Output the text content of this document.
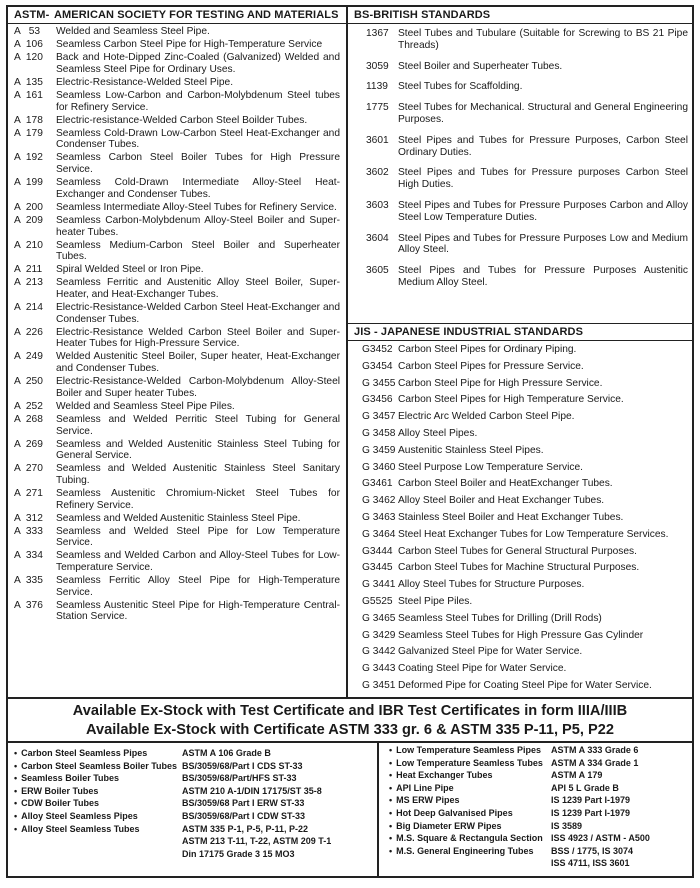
ASTM- AMERICAN SOCIETY FOR TESTING AND MATERIALS
A   53	Welded and Seamless Steel Pipe.
A  106	Seamless Carbon Steel Pipe for High-Temperature Service
A  120	Back and Hote-Dipped Zinc-Coaled (Galvanized) Welded and Seamless Steel Pipe for Ordinary Uses.
A  135	Electric-Resistance-Welded Steel Pipe.
A  161	Seamless Low-Carbon and Carbon-Molybdenum Steel tubes for Refinery Service.
A  178	Electric-resistance-Welded Carbon Steel Boilder Tubes.
A  179	Seamless Cold-Drawn Low-Carbon Steel Heat-Exchanger and Condenser Tubes.
A  192	Seamless Carbon Steel Boiler Tubes for High Pressure Service.
A  199	Seamless Cold-Drawn Intermediate Alloy-Steel Heat-Exchanger and Condenser Tubes.
A  200	Seamless Intermediate Alloy-Steel Tubes for Refinery Service.
A  209	Seamless Carbon-Molybdenum Alloy-Steel Boiler and Super-heater Tubes.
A  210	Seamless Medium-Carbon Steel Boiler and Superheater Tubes.
A  211	Spiral Welded Steel or Iron Pipe.
A  213	Seamless Ferritic and Austenitic Alloy Steel Boiler, Super-Heater, and Heat-Exchanger Tubes.
A  214	Electric-Resistance-Welded Carbon Steel Heat-Exchanger and Condenser Tubes.
A  226	Electric-Resistance Welded Carbon Steel Boiler and Super-Heater Tubes for High-Pressure Service.
A  249	Welded Austenitic Steel Boiler, Super heater, Heat-Exchanger and Condenser Tubes.
A  250	Electric-Resistance-Welded Carbon-Molybdenum Alloy-Steel Boiler and Super heater Tubes.
A  252	Welded and Seamless Steel Pipe Piles.
A  268	Seamless and Welded Perritic Steel Tubing for General Service.
A  269	Seamless and Welded Austenitic Stainless Steel Tubing for General Service.
A  270	Seamless and Welded Austenitic Stainless Steel Sanitary Tubing.
A  271	Seamless Austenitic Chromium-Nicket Steel Tubes for Refinery Service.
A  312	Seamless and Welded Austenitic Stainless Steel Pipe.
A  333	Seamless and Welded Steel Pipe for Low Temperature Service.
A  334	Seamless and Welded Carbon and Alloy-Steel Tubes for Low-Temperature Service.
A  335	Seamless Ferritic Alloy Steel Pipe for High-Temperature Service.
A  376	Seamless Austenitic Steel Pipe for High-Temperature Central-Station Service.
BS-BRITISH STANDARDS
1367 Steel Tubes and Tubulare (Suitable for Screwing to BS 21 Pipe Threads)
3059 Steel Boiler and Superheater Tubes.
1139 Steel Tubes for Scaffolding.
1775 Steel Tubes for Mechanical. Structural and General Engineering Purposes.
3601 Steel Pipes and Tubes for Pressure Purposes, Carbon Steel Ordinary Duties.
3602 Steel Pipes and Tubes for Pressure purposes Carbon Steel High Duties.
3603 Steel Pipes and Tubes for Pressure Purposes Carbon and Alloy Steel Low Temperature Duties.
3604 Steel Pipes and Tubes for Pressure Purposes Low and Medium Alloy Steel.
3605 Steel Pipes and Tubes for Pressure Purposes Austenitic Medium Alloy Steel.
JIS - JAPANESE INDUSTRIAL STANDARDS
G3452 Carbon Steel Pipes for Ordinary Piping.
G3454 Carbon Steel Pipes for Pressure Service.
G 3455 Carbon Steel Pipe for High Pressure Service.
G3456 Carbon Steel Pipes for High Temperature Service.
G 3457 Electric Arc Welded Carbon Steel Pipe.
G 3458 Alloy Steel Pipes.
G 3459 Austenitic Stainless Steel Pipes.
G 3460 Steel Purpose Low Temperature Service.
G3461 Carbon Steel Boiler and HeatExchanger Tubes.
G 3462 Alloy Steel Boiler and Heat Exchanger Tubes.
G 3463 Stainless Steel Boiler and Heat Exchanger Tubes.
G 3464 Steel Heat Exchanger Tubes for Low Temperature Services.
G3444 Carbon Steel Tubes for General Structural Purposes.
G3445 Carbon Steel Tubes for Machine Structural Purposes.
G 3441 Alloy Steel Tubes for Structure Purposes.
G5525 Steel Pipe Piles.
G 3465 Seamless Steel Tubes for Drilling (Drill Rods)
G 3429 Seamless Steel Tubes for High Pressure Gas Cylinder
G 3442 Galvanized Steel Pipe for Water Service.
G 3443 Coating Steel Pipe for Water Service.
G 3451 Deformed Pipe for Coating Steel Pipe for Water Service.
Available Ex-Stock with Test Certificate and IBR Test Certificates in form IIIA/IIIB
Available Ex-Stock with Certificate ASTM 333 gr. 6 & ASTM 335 P-11, P5, P22
• Carbon Steel Seamless Pipes	ASTM A 106 Grade B
• Carbon Steel Seamless Boiler Tubes BS/3059/68/Part I CDS ST-33
• Seamless Boiler Tubes	BS/3059/68/Part/HFS ST-33
• ERW Boiler Tubes	ASTM 210 A-1/DIN 17175/ST 35-8
• CDW Boiler Tubes	BS/3059/68 Part I ERW ST-33
• Alloy Steel Seamless Pipes	BS/3059/68/Part I CDW ST-33
• Alloy Steel Seamless Tubes	ASTM 335 P-1, P-5, P-11, P-22
ASTM 213 T-11, T-22, ASTM 209 T-1
Din 17175 Grade 3 15 MO3
• Low Temperature Seamless Pipes	ASTM A 333 Grade 6
• Low Temperature Seamless Tubes ASTM A 334 Grade 1
• Heat Exchanger Tubes	ASTM A 179
• API Line Pipe	API 5 L Grade B
• MS ERW Pipes	IS 1239 Part I-1979
• Hot Deep Galvanised Pipes	IS 1239 Part I-1979
• Big Diameter ERW Pipes	IS 3589
• M.S. Square & Rectangula Section ISS 4923 / ASTM - A500
• M.S. General Engineering Tubes	BSS / 1775, IS 3074
ISS 4711, ISS 3601
